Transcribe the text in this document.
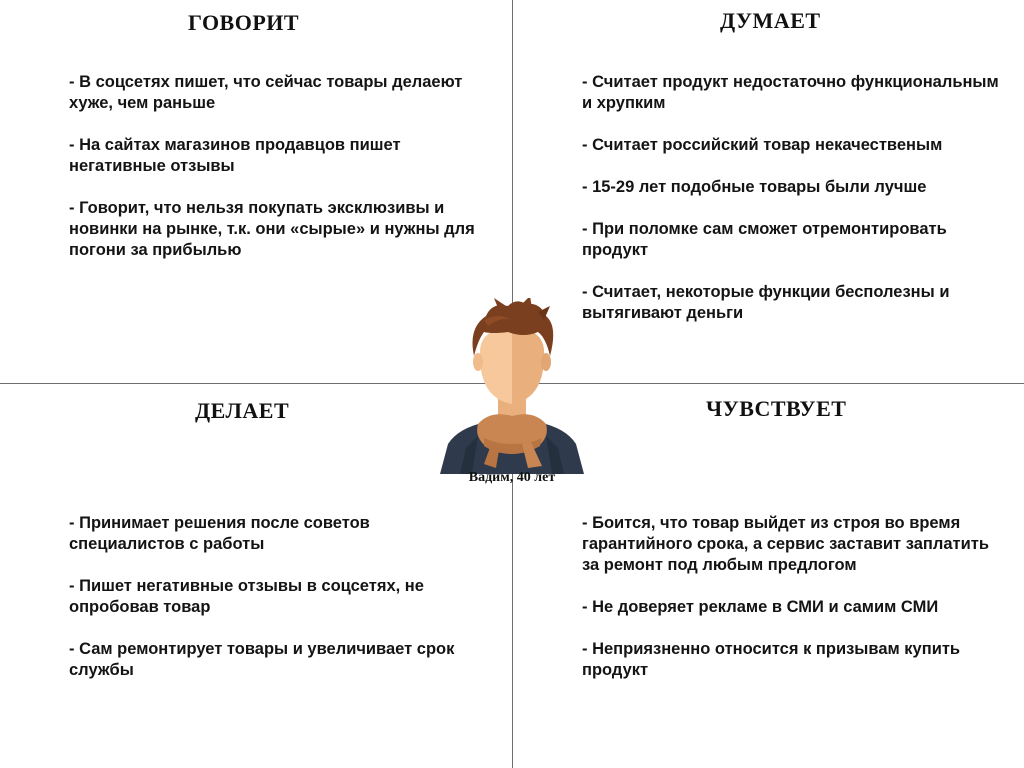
ГОВОРИТ
- В соцсетях пишет, что сейчас товары делаеют хуже, чем раньше
- На сайтах магазинов продавцов пишет негативные отзывы
- Говорит, что нельзя покупать эксклюзивы и новинки на рынке, т.к. они «сырые» и нужны для погони за прибылью
ДУМАЕТ
- Считает продукт недостаточно функциональным и хрупким
- Считает российский товар некачественым
- 15-29 лет подобные товары были лучше
- При поломке сам сможет отремонтировать продукт
- Считает, некоторые функции бесполезны и вытягивают деньги
ДЕЛАЕТ
- Принимает решения после советов специалистов с работы
- Пишет негативные отзывы в соцсетях, не опробовав товар
- Сам ремонтирует товары и увеличивает срок службы
ЧУВСТВУЕТ
- Боится, что товар выйдет из строя во время гарантийного срока, а сервис заставит заплатить за ремонт под любым предлогом
- Не доверяет рекламе в СМИ и самим СМИ
- Неприязненно относится к призывам купить продукт
Вадим, 40 лет
